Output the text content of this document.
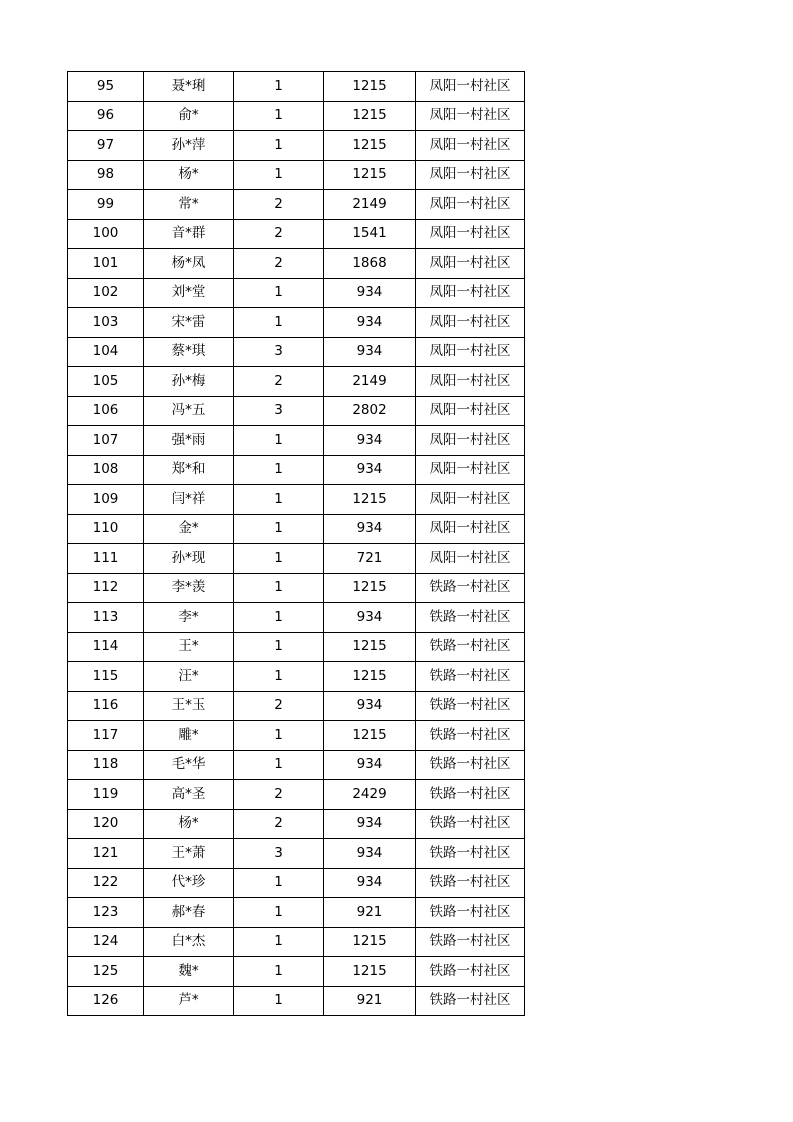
95	聂*琍	1	1215	凤阳一村社区
96	俞*	1	1215	凤阳一村社区
97	孙*萍	1	1215	凤阳一村社区
98	杨*	1	1215	凤阳一村社区
99	常*	2	2149	凤阳一村社区
100	音*群	2	1541	凤阳一村社区
101	杨*凤	2	1868	凤阳一村社区
102	刘*堂	1	934	凤阳一村社区
103	宋*雷	1	934	凤阳一村社区
104	蔡*琪	3	934	凤阳一村社区
105	孙*梅	2	2149	凤阳一村社区
106	冯*五	3	2802	凤阳一村社区
107	强*雨	1	934	凤阳一村社区
108	郑*和	1	934	凤阳一村社区
109	闫*祥	1	1215	凤阳一村社区
110	金*	1	934	凤阳一村社区
111	孙*现	1	721	凤阳一村社区
112	李*羡	1	1215	铁路一村社区
113	李*	1	934	铁路一村社区
114	王*	1	1215	铁路一村社区
115	汪*	1	1215	铁路一村社区
116	王*玉	2	934	铁路一村社区
117	雕*	1	1215	铁路一村社区
118	毛*华	1	934	铁路一村社区
119	高*圣	2	2429	铁路一村社区
120	杨*	2	934	铁路一村社区
121	王*萧	3	934	铁路一村社区
122	代*珍	1	934	铁路一村社区
123	郝*春	1	921	铁路一村社区
124	白*杰	1	1215	铁路一村社区
125	魏*	1	1215	铁路一村社区
126	芦*	1	921	铁路一村社区
